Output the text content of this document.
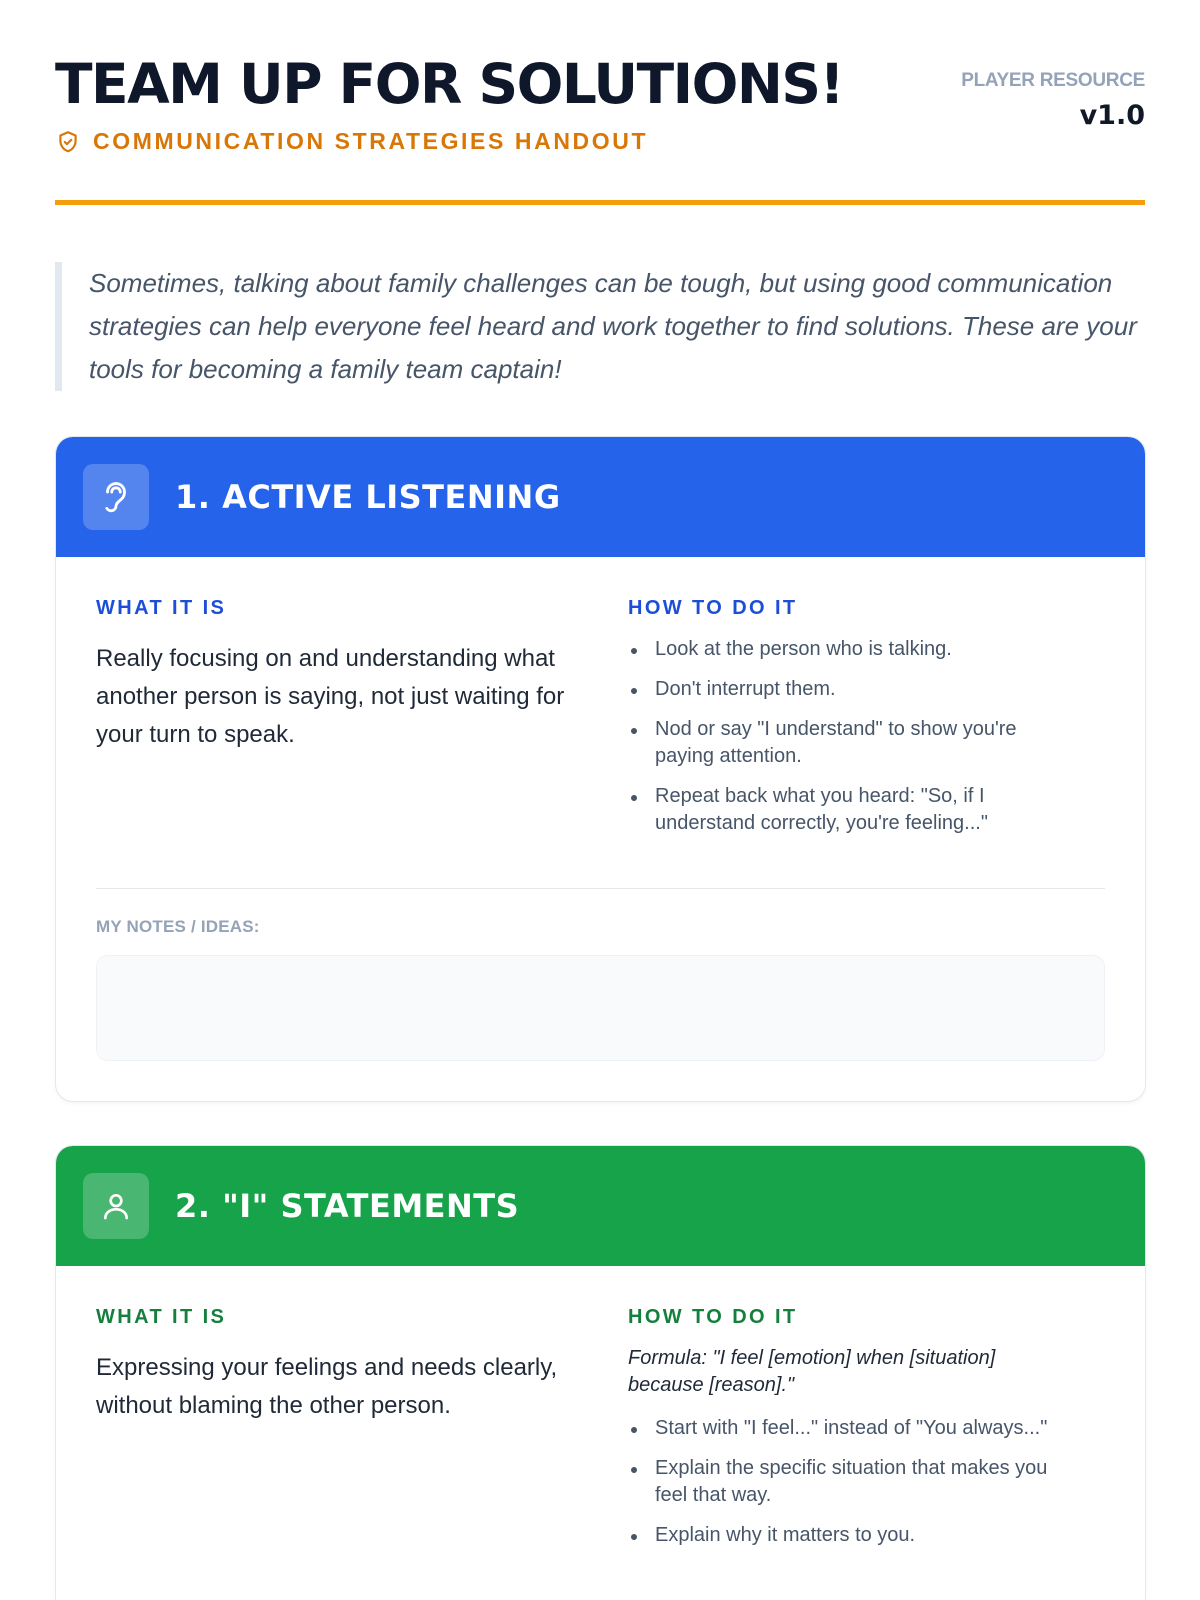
TEAM UP FOR SOLUTIONS!
COMMUNICATION STRATEGIES HANDOUT
PLAYER RESOURCE
v1.0

Sometimes, talking about family challenges can be tough, but using good communication strategies can help everyone feel heard and work together to find solutions. These are your tools for becoming a family team captain!

1. ACTIVE LISTENING
WHAT IT IS
Really focusing on and understanding what another person is saying, not just waiting for your turn to speak.
HOW TO DO IT
Look at the person who is talking.
Don't interrupt them.
Nod or say "I understand" to show you're paying attention.
Repeat back what you heard: "So, if I understand correctly, you're feeling..."
MY NOTES / IDEAS:
2. "I" STATEMENTS
WHAT IT IS
Expressing your feelings and needs clearly, without blaming the other person.
HOW TO DO IT
Formula: "I feel [emotion] when [situation] because [reason]."
Start with "I feel..." instead of "You always..."
Explain the specific situation that makes you feel that way.
Explain why it matters to you.
